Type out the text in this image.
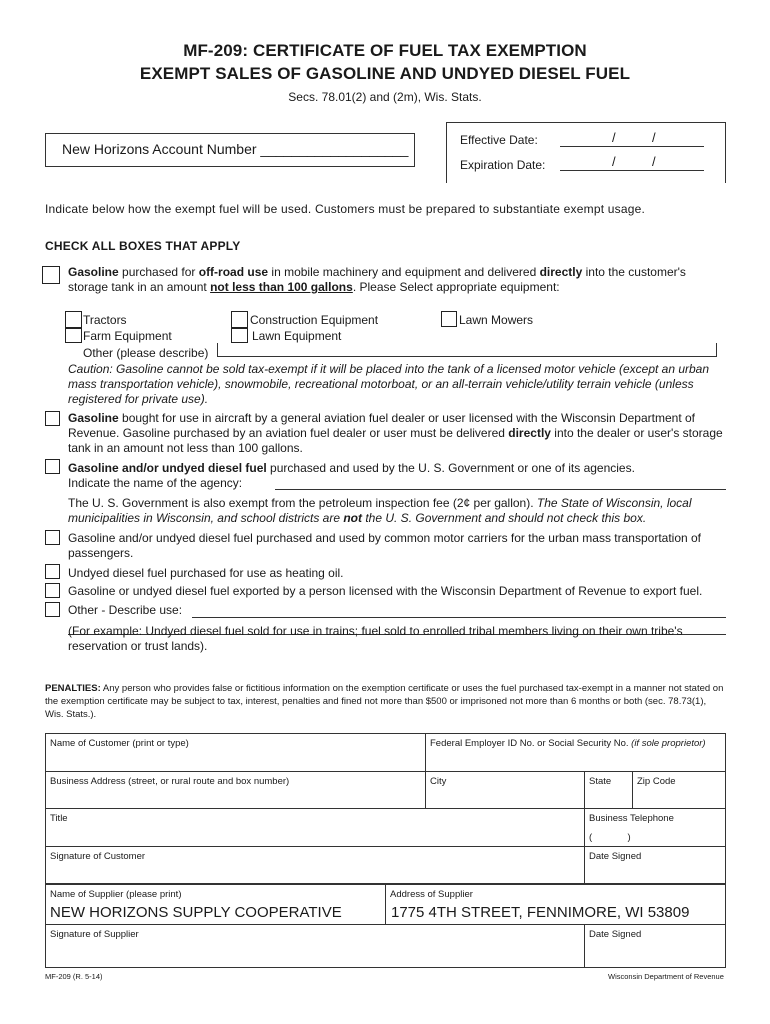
MF-209: CERTIFICATE OF FUEL TAX EXEMPTION
EXEMPT SALES OF GASOLINE AND UNDYED DIESEL FUEL
Secs. 78.01(2) and (2m), Wis. Stats.
New Horizons Account Number ___________________
Effective Date:	/	/
Expiration Date:	/	/
Indicate below how the exempt fuel will be used. Customers must be prepared to substantiate exempt usage.
CHECK ALL BOXES THAT APPLY
Gasoline purchased for off-road use in mobile machinery and equipment and delivered directly into the customer's
storage tank in an amount not less than 100 gallons. Please Select appropriate equipment:
Tractors
Farm Equipment
Construction Equipment
Lawn Equipment
Lawn Mowers
Other (please describe)
Caution: Gasoline cannot be sold tax-exempt if it will be placed into the tank of a licensed motor vehicle (except an urban mass transportation vehicle), snowmobile, recreational motorboat, or an all-terrain vehicle/utility terrain vehicle (unless registered for private use).
Gasoline bought for use in aircraft by a general aviation fuel dealer or user licensed with the Wisconsin Department of Revenue. Gasoline purchased by an aviation fuel dealer or user must be delivered directly into the dealer or user's storage tank in an amount not less than 100 gallons.
Gasoline and/or undyed diesel fuel purchased and used by the U. S. Government or one of its agencies.
Indicate the name of the agency:
The U. S. Government is also exempt from the petroleum inspection fee (2¢ per gallon). The State of Wisconsin, local municipalities in Wisconsin, and school districts are not the U. S. Government and should not check this box.
Gasoline and/or undyed diesel fuel purchased and used by common motor carriers for the urban mass transportation of passengers.
Undyed diesel fuel purchased for use as heating oil.
Gasoline or undyed diesel fuel exported by a person licensed with the Wisconsin Department of Revenue to export fuel.
Other - Describe use:
(For example: Undyed diesel fuel sold for use in trains; fuel sold to enrolled tribal members living on their own tribe's reservation or trust lands).
PENALTIES: Any person who provides false or fictitious information on the exemption certificate or uses the fuel purchased tax-exempt in a manner not stated on the exemption certificate may be subject to tax, interest, penalties and fined not more than $500 or imprisoned not more than 6 months or both (sec. 78.73(1), Wis. Stats.).
Name of Customer (print or type)	Federal Employer ID No. or Social Security No. (if sole proprietor)
Business Address (street, or rural route and box number)	City	State	Zip Code
Title	Business Telephone
(	)
Signature of Customer	Date Signed
Name of Supplier (please print)
NEW HORIZONS SUPPLY COOPERATIVE
Address of Supplier
1775 4TH STREET, FENNIMORE, WI 53809
Signature of Supplier	Date Signed
MF-209 (R. 5-14)	Wisconsin Department of Revenue
